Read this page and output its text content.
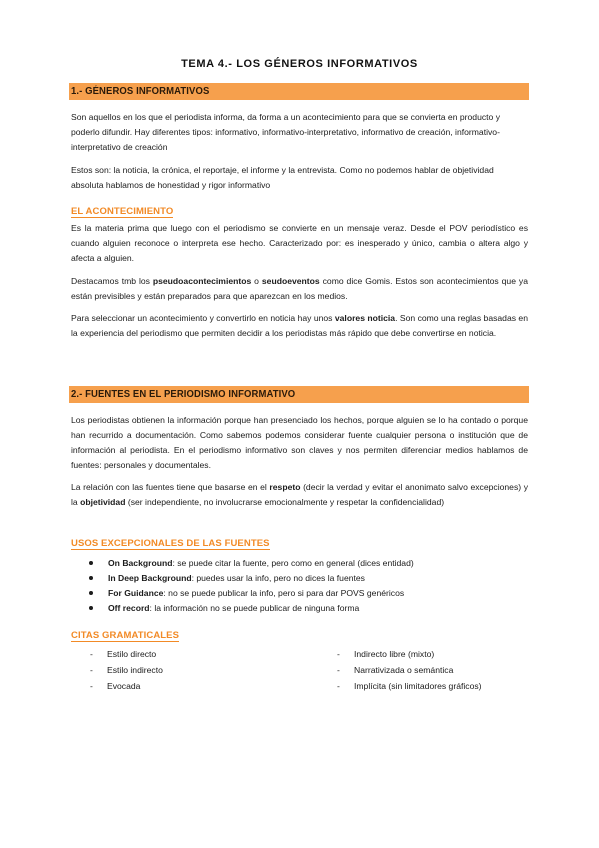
TEMA 4.- LOS GÉNEROS INFORMATIVOS
1.- GÉNEROS INFORMATIVOS
Son aquellos en los que el periodista informa, da forma a un acontecimiento para que se convierta en producto y poderlo difundir. Hay diferentes tipos: informativo, informativo-interpretativo, informativo de creación, informativo-interpretativo de creación
Estos son: la noticia, la crónica, el reportaje, el informe y la entrevista. Como no podemos hablar de objetividad absoluta hablamos de honestidad y rigor informativo
EL ACONTECIMIENTO
Es la materia prima que luego con el periodismo se convierte en un mensaje veraz. Desde el POV periodístico es cuando alguien reconoce o interpreta ese hecho. Caracterizado por: es inesperado y único, cambia o altera algo y afecta a alguien.
Destacamos tmb los pseudoacontecimientos o seudoeventos como dice Gomis. Estos son acontecimientos que ya están previsibles y están preparados para que aparezcan en los medios.
Para seleccionar un acontecimiento y convertirlo en noticia hay unos valores noticia. Son como una reglas basadas en la experiencia del periodismo que permiten decidir a los periodistas más rápido que debe convertirse en noticia.
2.- FUENTES EN EL PERIODISMO INFORMATIVO
Los periodistas obtienen la información porque han presenciado los hechos, porque alguien se lo ha contado o porque han recurrido a documentación. Como sabemos podemos considerar fuente cualquier persona o institución que de información al periodista. En el periodismo informativo son claves y nos permiten diferenciar medios hablamos de fuentes: personales y documentales.
La relación con las fuentes tiene que basarse en el respeto (decir la verdad y evitar el anonimato salvo excepciones) y la objetividad (ser independiente, no involucrarse emocionalmente y respetar la confidencialidad)
USOS EXCEPCIONALES DE LAS FUENTES
On Background: se puede citar la fuente, pero como en general (dices entidad)
In Deep Background: puedes usar la info, pero no dices la fuentes
For Guidance: no se puede publicar la info, pero si para dar POVS genéricos
Off record: la información no se puede publicar de ninguna forma
CITAS GRAMATICALES
- Estilo directo
- Estilo indirecto
- Evocada
- Indirecto libre (mixto)
- Narrativizada o semántica
- Implícita (sin limitadores gráficos)
